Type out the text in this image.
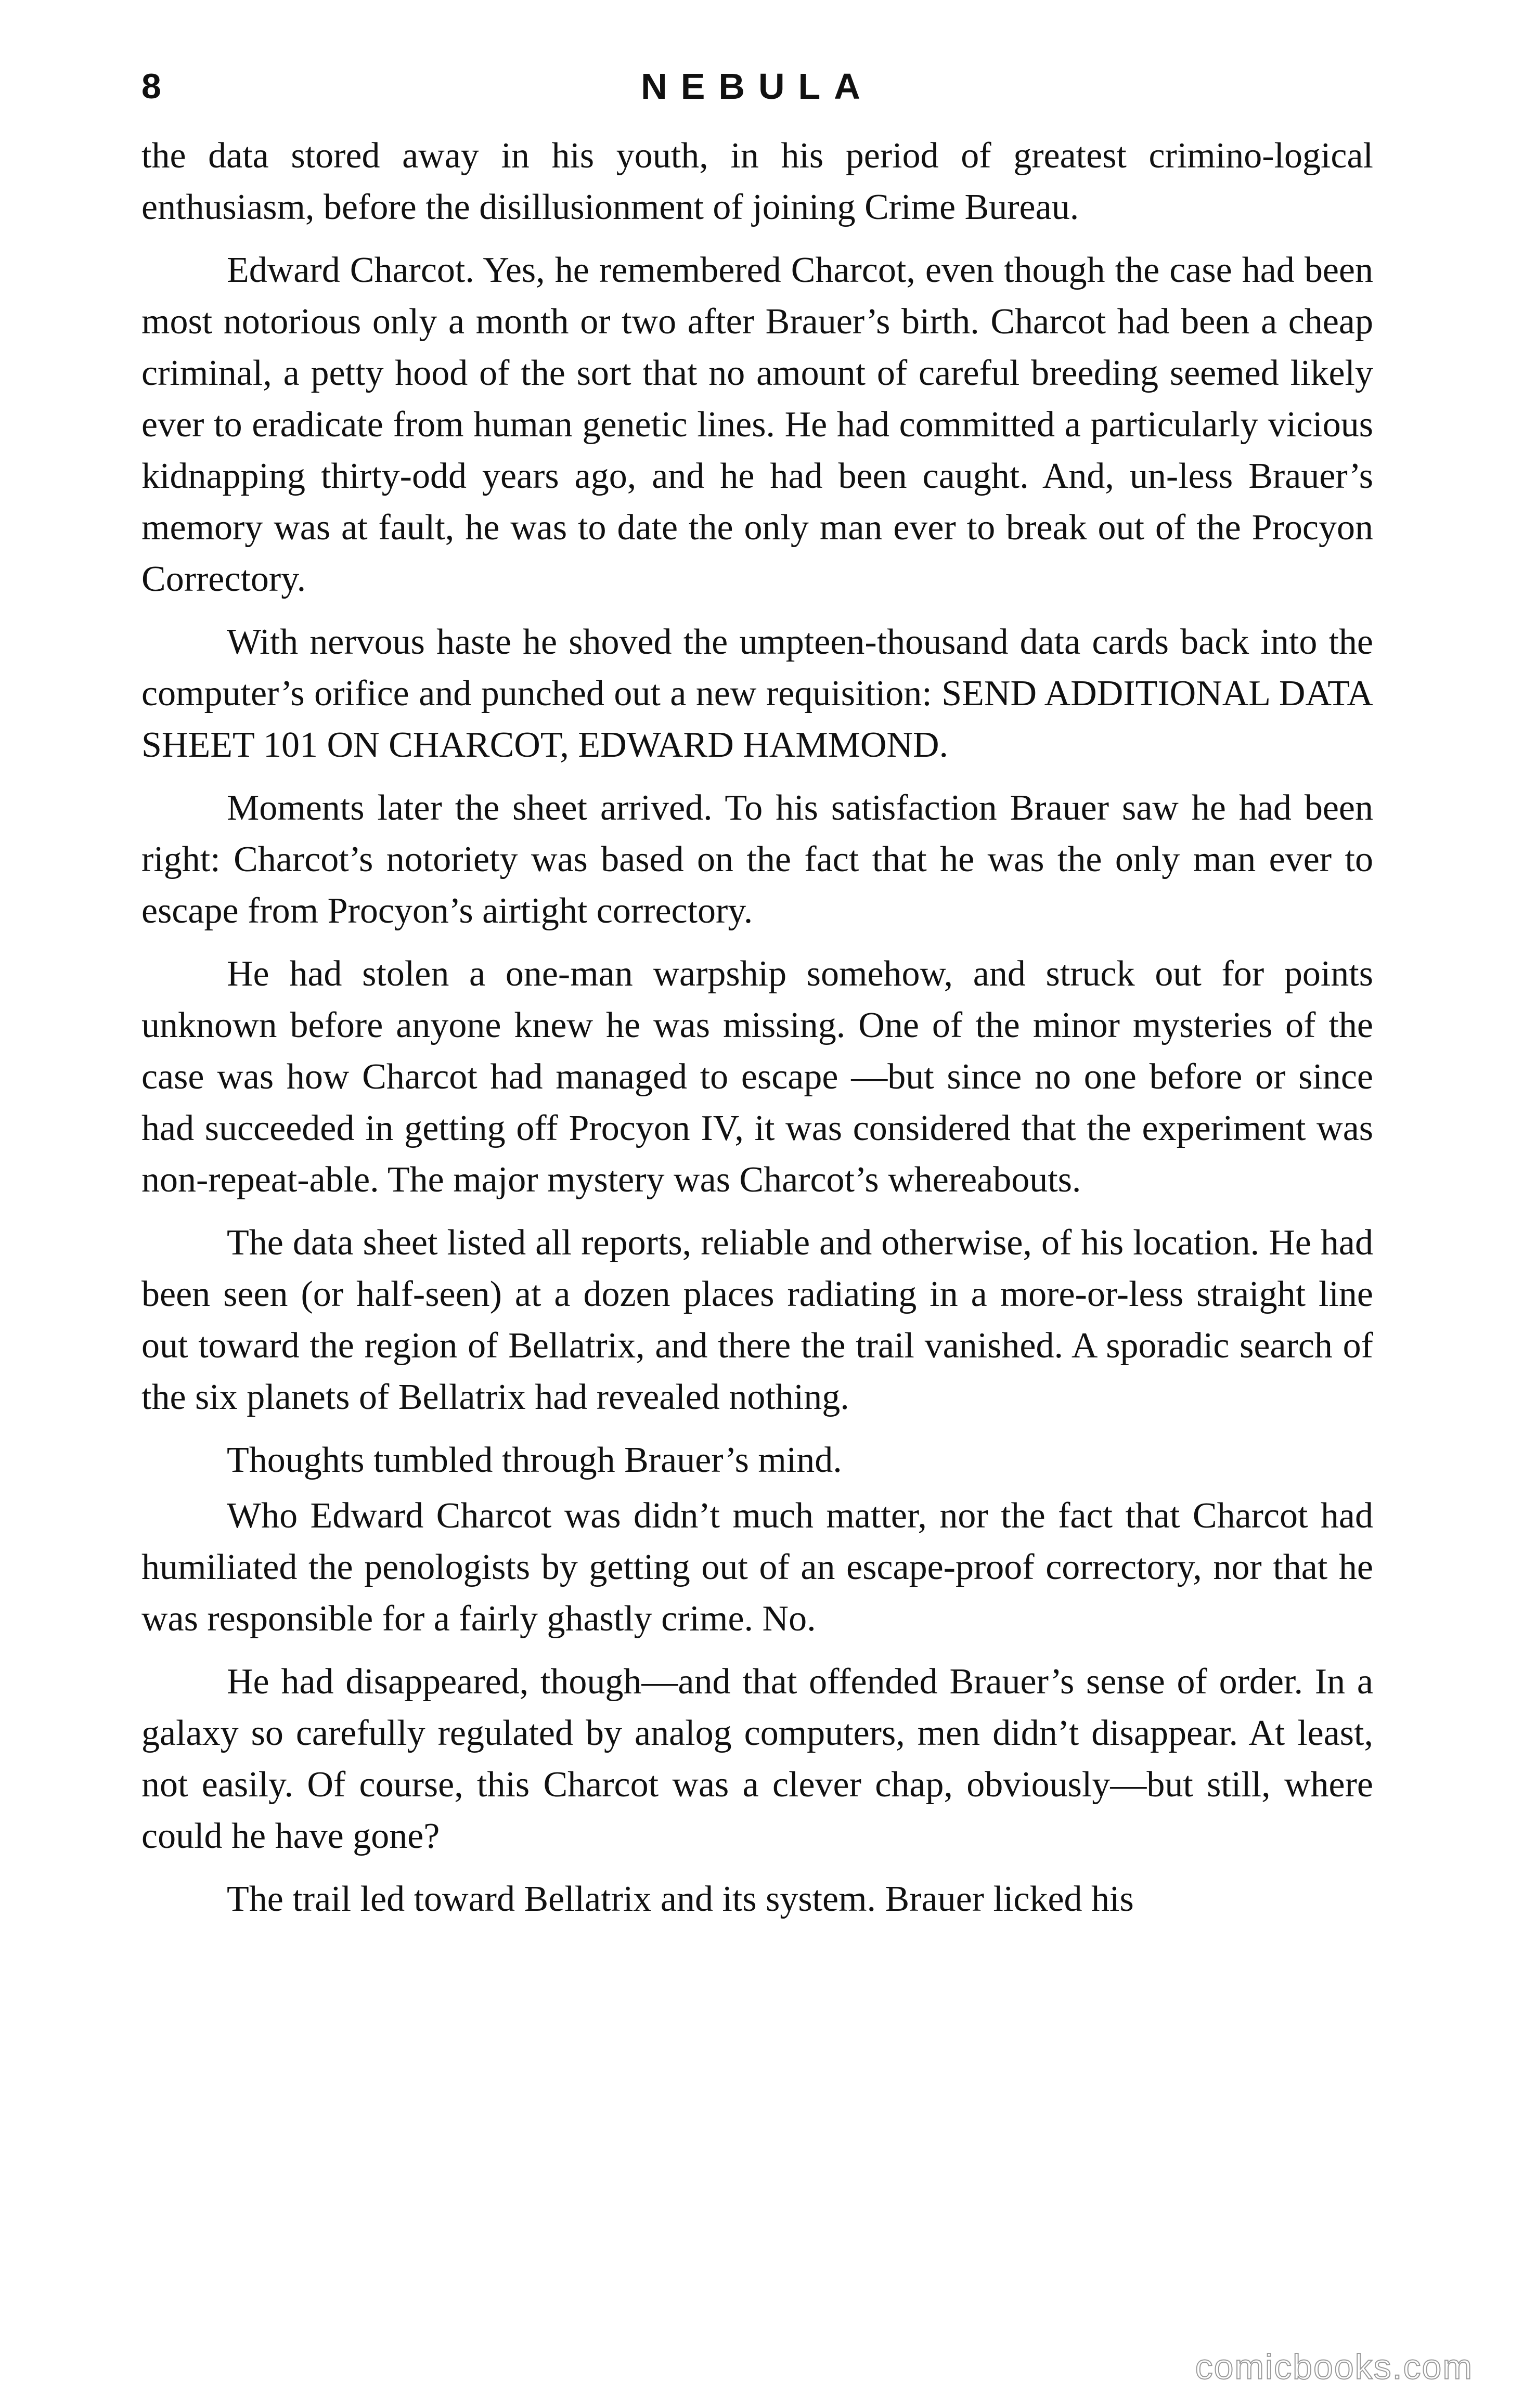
8	NEBULA

the data stored away in his youth, in his period of greatest crimino-logical enthusiasm, before the disillusionment of joining Crime Bureau.

Edward Charcot. Yes, he remembered Charcot, even though the case had been most notorious only a month or two after Brauer’s birth. Charcot had been a cheap criminal, a petty hood of the sort that no amount of careful breeding seemed likely ever to eradicate from human genetic lines. He had committed a particularly vicious kidnapping thirty-odd years ago, and he had been caught. And, un-less Brauer’s memory was at fault, he was to date the only man ever to break out of the Procyon Correctory.

With nervous haste he shoved the umpteen-thousand data cards back into the computer’s orifice and punched out a new requisition: SEND ADDITIONAL DATA SHEET 101 ON CHARCOT, EDWARD HAMMOND.

Moments later the sheet arrived. To his satisfaction Brauer saw he had been right: Charcot’s notoriety was based on the fact that he was the only man ever to escape from Procyon’s airtight correctory.

He had stolen a one-man warpship somehow, and struck out for points unknown before anyone knew he was missing. One of the minor mysteries of the case was how Charcot had managed to escape —but since no one before or since had succeeded in getting off Procyon IV, it was considered that the experiment was non-repeat-able. The major mystery was Charcot’s whereabouts.

The data sheet listed all reports, reliable and otherwise, of his location. He had been seen (or half-seen) at a dozen places radiating in a more-or-less straight line out toward the region of Bellatrix, and there the trail vanished. A sporadic search of the six planets of Bellatrix had revealed nothing.

Thoughts tumbled through Brauer’s mind.

Who Edward Charcot was didn’t much matter, nor the fact that Charcot had humiliated the penologists by getting out of an escape-proof correctory, nor that he was responsible for a fairly ghastly crime. No.

He had disappeared, though—and that offended Brauer’s sense of order. In a galaxy so carefully regulated by analog computers, men didn’t disappear. At least, not easily. Of course, this Charcot was a clever chap, obviously—but still, where could he have gone?

The trail led toward Bellatrix and its system. Brauer licked his

comicbooks.com
